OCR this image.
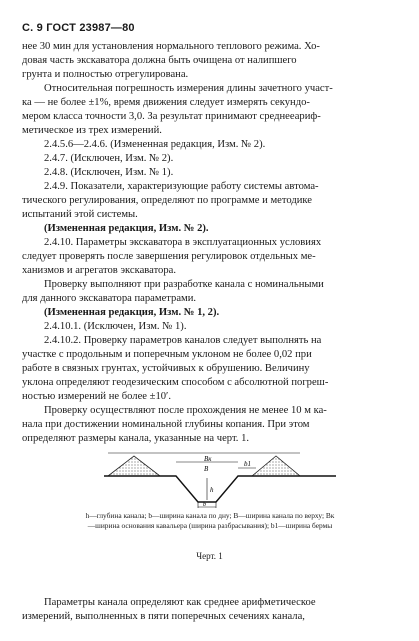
С. 9 ГОСТ 23987—80
нее 30 мин для установления нормального теплового режима. Хо-
довая часть экскаватора должна быть очищена от налипшего
грунта и полностью отрегулирована.
Относительная погрешность измерения длины зачетного участ-
ка — не более ±1%, время движения следует измерять секундо-
мером класса точности 3,0. За результат принимают среднееариф-
метическое из трех измерений.
2.4.5.6—2.4.6. (Измененная редакция, Изм. № 2).
2.4.7. (Исключен, Изм. № 2).
2.4.8. (Исключен, Изм. № 1).
2.4.9. Показатели, характеризующие работу системы автома-
тического регулирования, определяют по программе и методике
испытаний этой системы.
(Измененная редакция, Изм. № 2).
2.4.10. Параметры экскаватора в эксплуатационных условиях
следует проверять после завершения регулировок отдельных ме-
ханизмов и агрегатов экскаватора.
Проверку выполняют при разработке канала с номинальными
для данного экскаватора параметрами.
(Измененная редакция, Изм. № 1, 2).
2.4.10.1. (Исключен, Изм. № 1).
2.4.10.2. Проверку параметров каналов следует выполнять на
участке с продольным и поперечным уклоном не более 0,02 при
работе в связных грунтах, устойчивых к обрушению. Величину
уклона определяют геодезическим способом с абсолютной погреш-
ностью измерений не более ±10′.
Проверку осуществляют после прохождения не менее 10 м ка-
нала при достижении номинальной глубины копания. При этом
определяют размеры канала, указанные на черт. 1.
Bк
B
b1
h
b
h—глубина канала; b—ширина канала по дну; B—ширина канала по верху; Bк—ширина основания кавальера (ширина разбрасывания); b1—ширина бермы
Черт. 1
Параметры канала определяют как среднее арифметическое
измерений, выполненных в пяти поперечных сечениях канала,
